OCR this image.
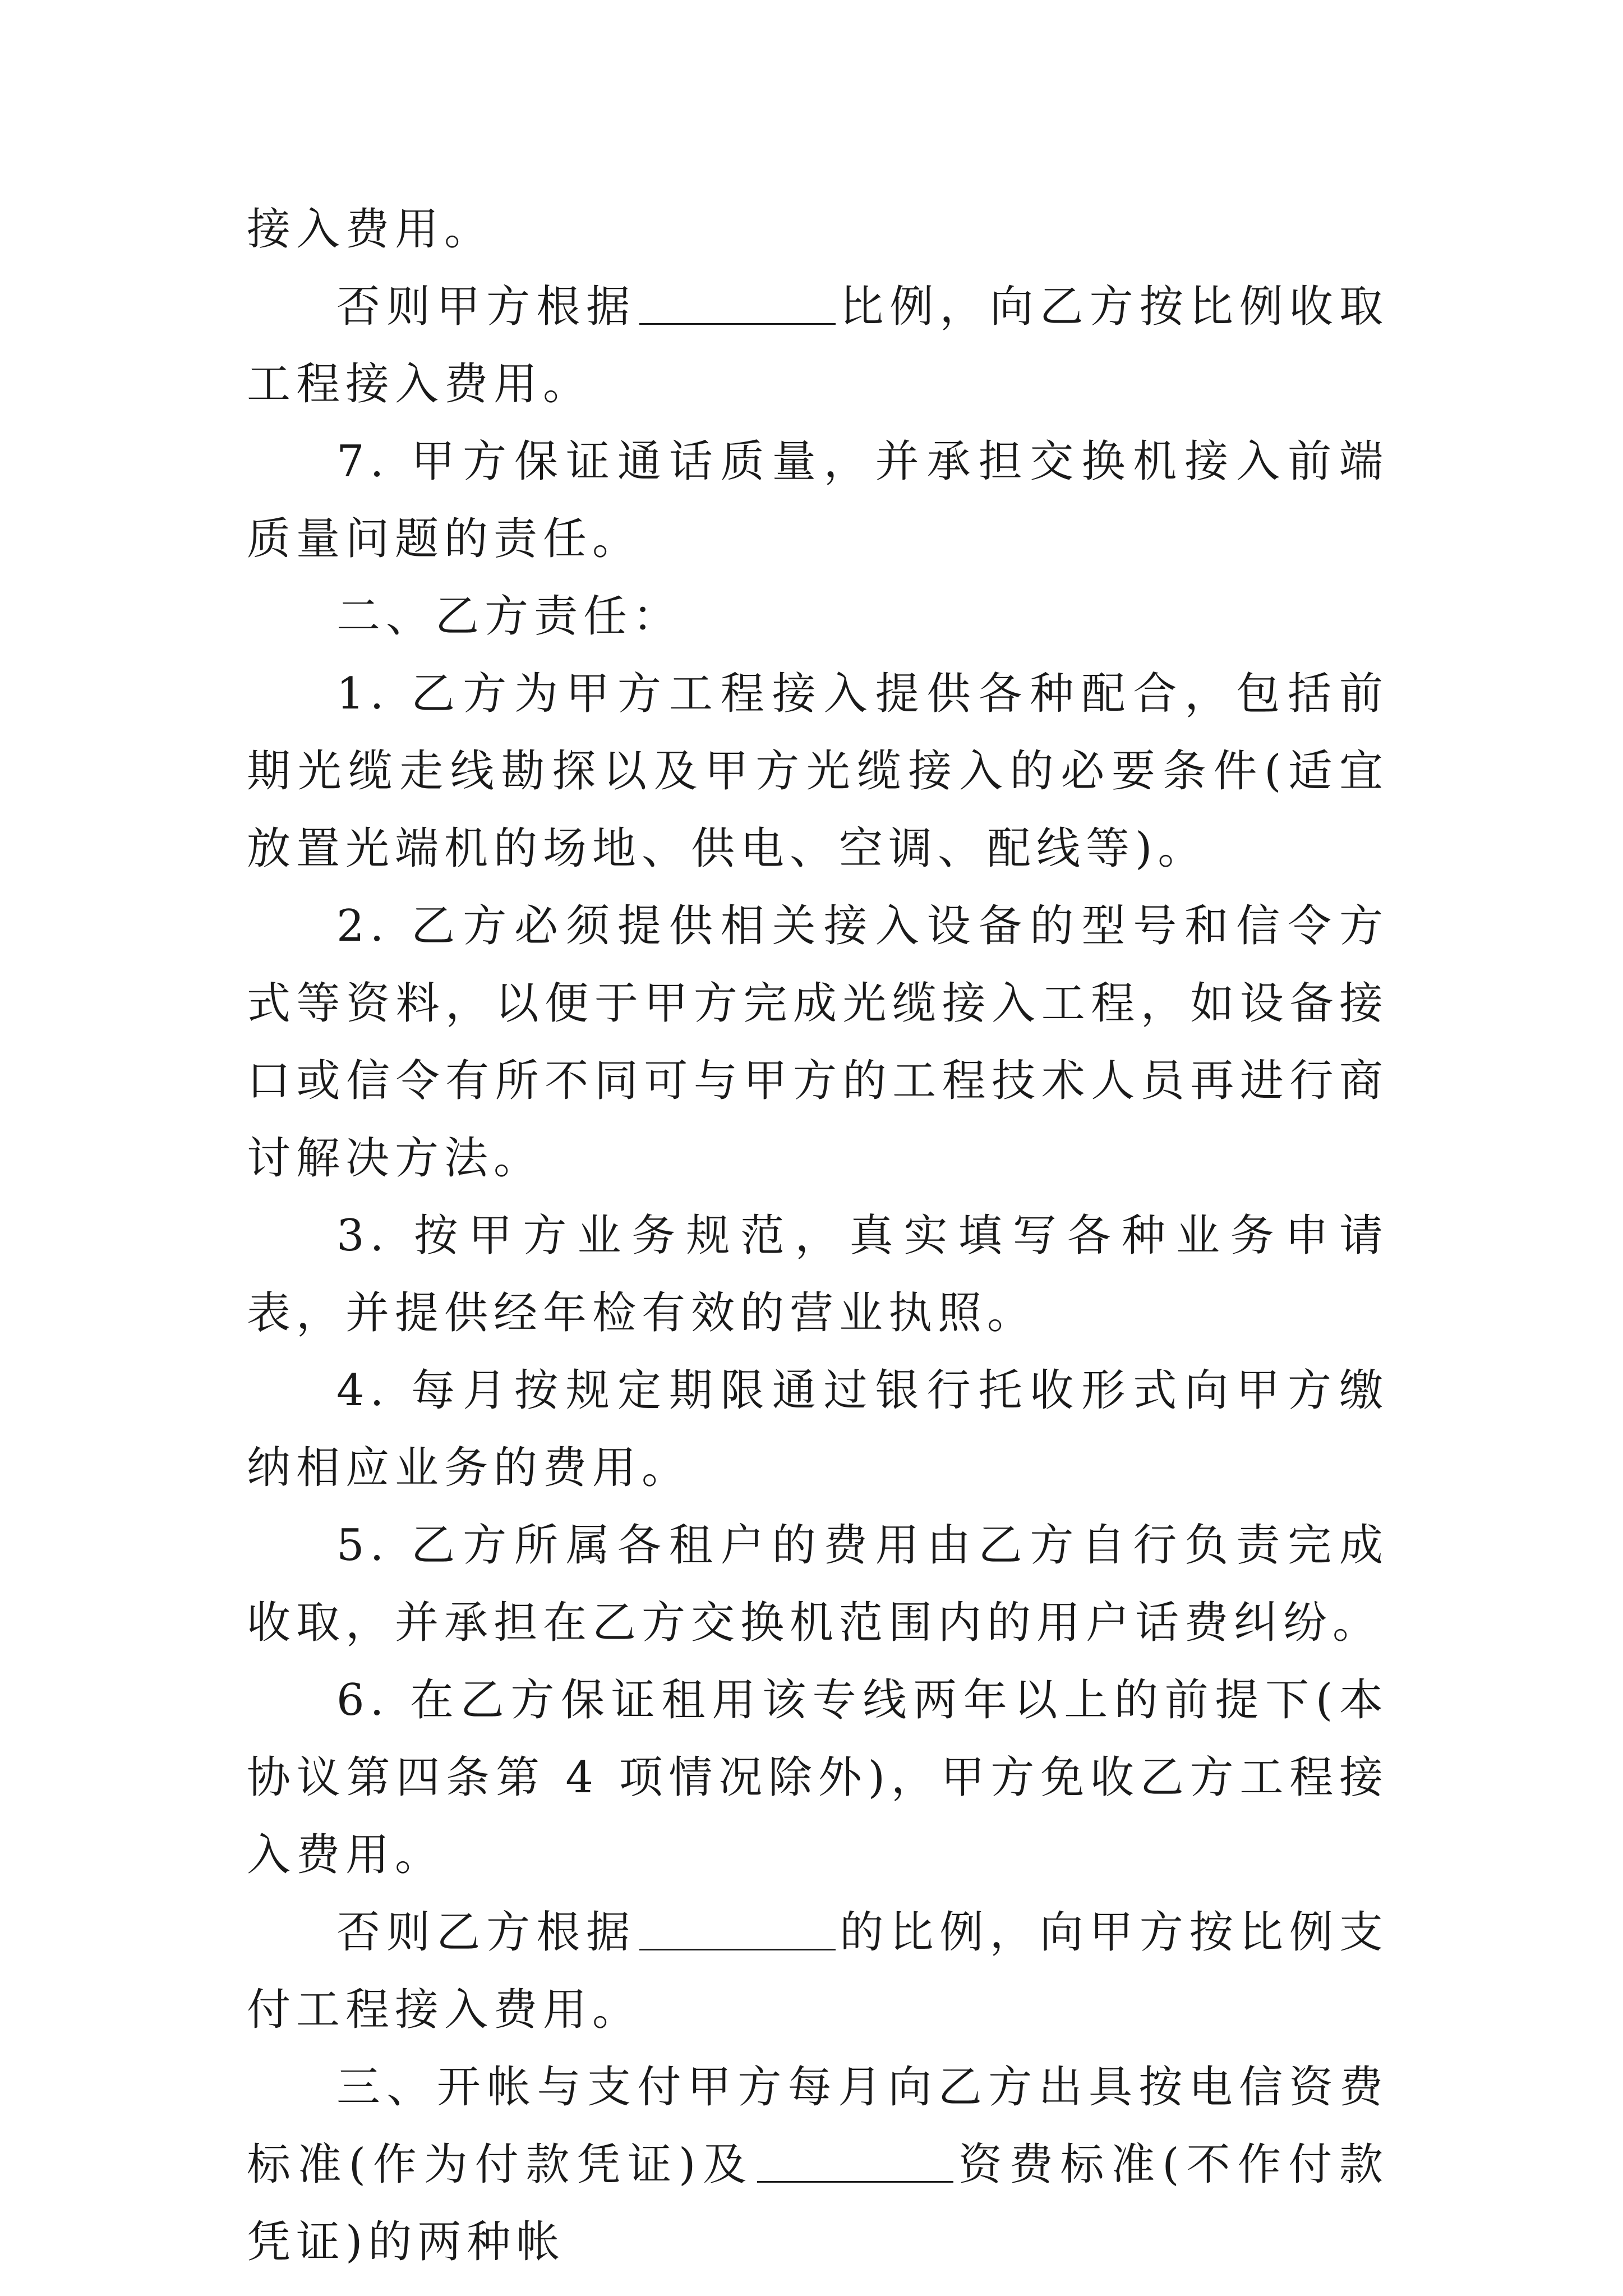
接入费用。

否则甲方根据	比例，向乙方按比例收取工程接入费用。

7. 甲方保证通话质量，并承担交换机接入前端质量问题的责任。

二、乙方责任：

1. 乙方为甲方工程接入提供各种配合，包括前期光缆走线勘探以及甲方光缆接入的必要条件(适宜放置光端机的场地、供电、空调、配线等)。

2. 乙方必须提供相关接入设备的型号和信令方式等资料，以便于甲方完成光缆接入工程，如设备接口或信令有所不同可与甲方的工程技术人员再进行商讨解决方法。

3. 按甲方业务规范，真实填写各种业务申请表，并提供经年检有效的营业执照。

4. 每月按规定期限通过银行托收形式向甲方缴纳相应业务的费用。

5. 乙方所属各租户的费用由乙方自行负责完成收取，并承担在乙方交换机范围内的用户话费纠纷。

6. 在乙方保证租用该专线两年以上的前提下(本协议第四条第 4 项情况除外)，甲方免收乙方工程接入费用。

否则乙方根据	的比例，向甲方按比例支付工程接入费用。

三、开帐与支付甲方每月向乙方出具按电信资费标准(作为付款凭证)及	资费标准(不作付款凭证)的两种帐
